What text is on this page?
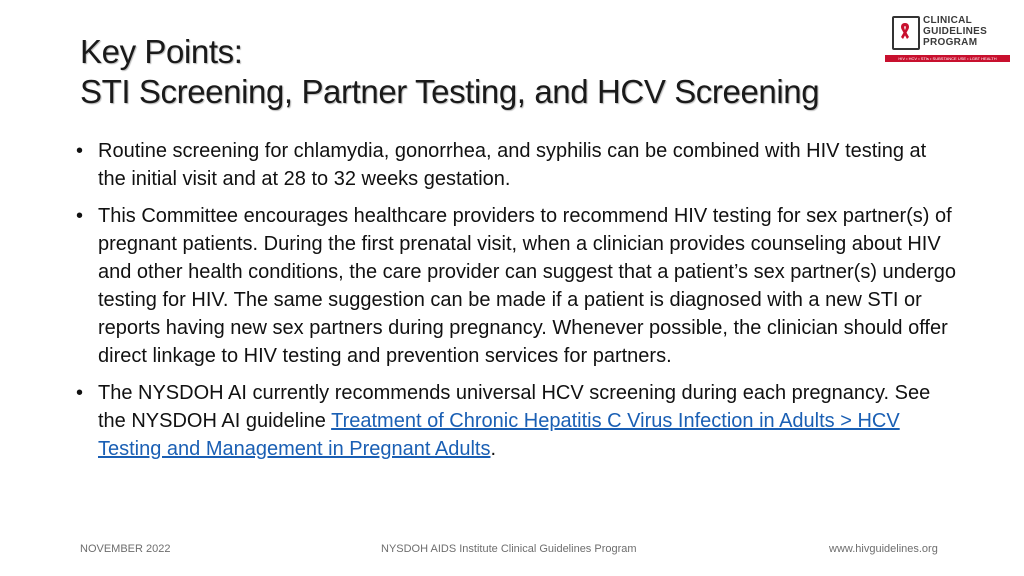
Key Points:
STI Screening, Partner Testing, and HCV Screening
CLINICAL
GUIDELINES
PROGRAM
HIV • HCV • STIs • SUBSTANCE USE • LGBT HEALTH
• Routine screening for chlamydia, gonorrhea, and syphilis can be combined with HIV testing at the initial visit and at 28 to 32 weeks gestation.
• This Committee encourages healthcare providers to recommend HIV testing for sex partner(s) of pregnant patients. During the first prenatal visit, when a clinician provides counseling about HIV and other health conditions, the care provider can suggest that a patient’s sex partner(s) undergo testing for HIV. The same suggestion can be made if a patient is diagnosed with a new STI or reports having new sex partners during pregnancy. Whenever possible, the clinician should offer direct linkage to HIV testing and prevention services for partners.
• The NYSDOH AI currently recommends universal HCV screening during each pregnancy. See the NYSDOH AI guideline Treatment of Chronic Hepatitis C Virus Infection in Adults > HCV Testing and Management in Pregnant Adults.
NOVEMBER 2022	NYSDOH AIDS Institute Clinical Guidelines Program	www.hivguidelines.org
